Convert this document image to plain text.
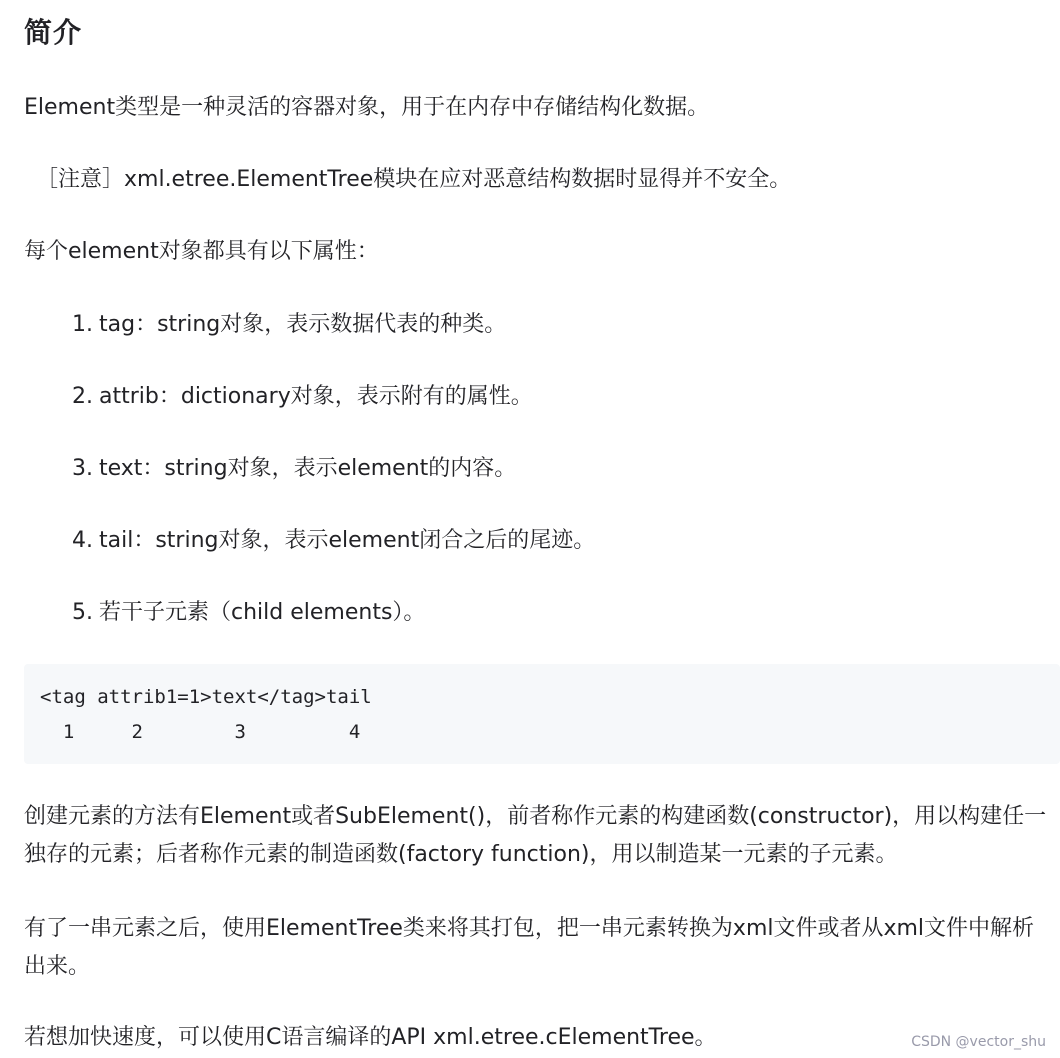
简介

Element类型是一种灵活的容器对象，用于在内存中存储结构化数据。

［注意］xml.etree.ElementTree模块在应对恶意结构数据时显得并不安全。

每个element对象都具有以下属性：

1. tag：string对象，表示数据代表的种类。
2. attrib：dictionary对象，表示附有的属性。
3. text：string对象，表示element的内容。
4. tail：string对象，表示element闭合之后的尾迹。
5. 若干子元素（child elements）。
<tag attrib1=1>text</tag>tail
1     2        3         4

创建元素的方法有Element或者SubElement()，前者称作元素的构建函数(constructor)，用以构建任一独存的元素；后者称作元素的制造函数(factory function)，用以制造某一元素的子元素。

有了一串元素之后，使用ElementTree类来将其打包，把一串元素转换为xml文件或者从xml文件中解析出来。

若想加快速度，可以使用C语言编译的API xml.etree.cElementTree。	CSDN @vector_shu
